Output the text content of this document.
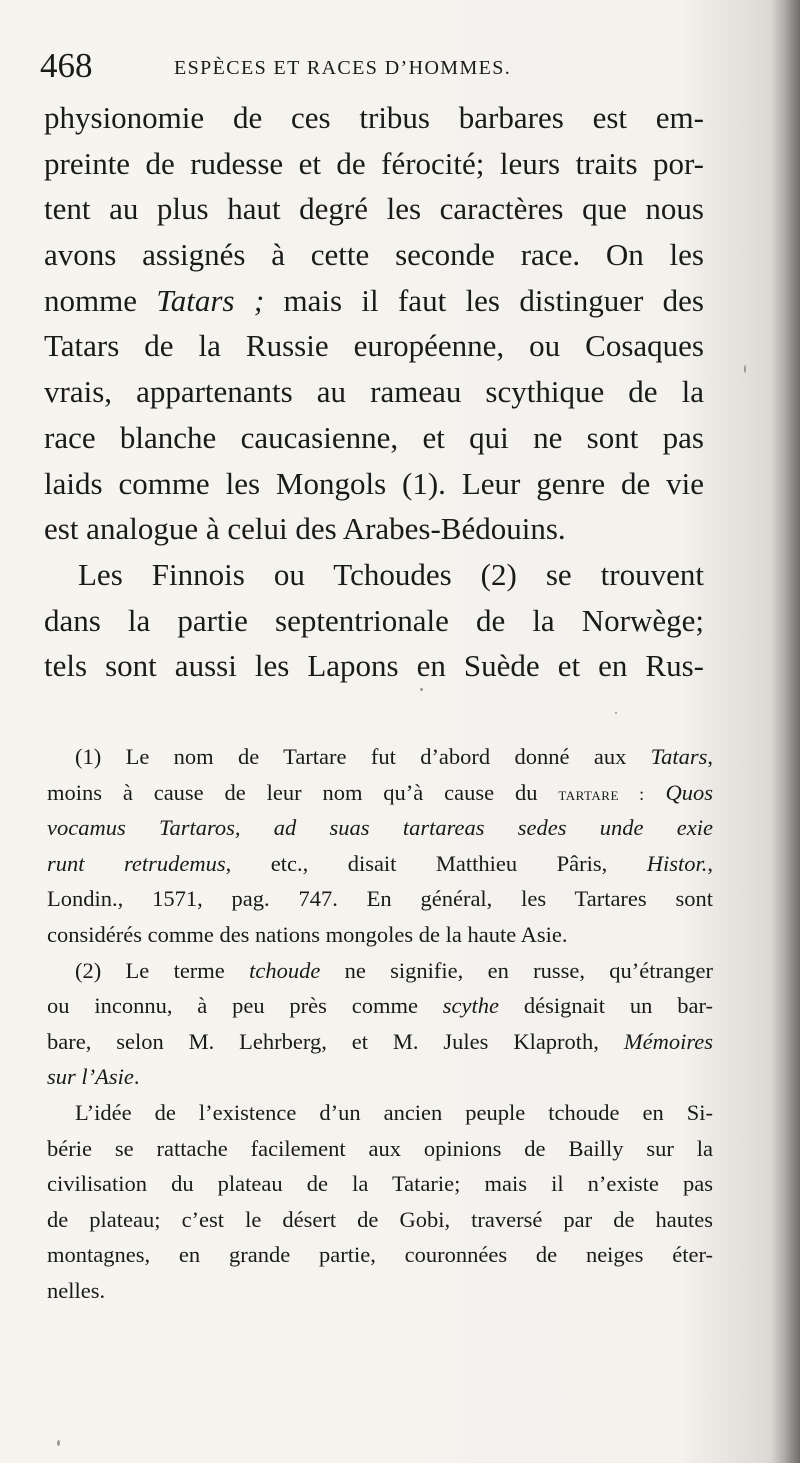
468	ESPÈCES ET RACES D’HOMMES.
physionomie de ces tribus barbares est em-
preinte de rudesse et de férocité; leurs traits por-
tent au plus haut degré les caractères que nous
avons assignés à cette seconde race. On les
nomme Tatars ; mais il faut les distinguer des
Tatars de la Russie européenne, ou Cosaques
vrais, appartenants au rameau scythique de la
race blanche caucasienne, et qui ne sont pas
laids comme les Mongols (1). Leur genre de vie
est analogue à celui des Arabes-Bédouins.
Les Finnois ou Tchoudes (2) se trouvent
dans la partie septentrionale de la Norwège;
tels sont aussi les Lapons en Suède et en Rus-
(1) Le nom de Tartare fut d’abord donné aux Tatars,
moins à cause de leur nom qu’à cause du tartare : Quos
vocamus Tartaros, ad suas tartareas sedes unde exie
runt retrudemus, etc., disait Matthieu Pâris, Histor.,
Londin., 1571, pag. 747. En général, les Tartares sont
considérés comme des nations mongoles de la haute Asie.
(2) Le terme tchoude ne signifie, en russe, qu’étranger
ou inconnu, à peu près comme scythe désignait un bar-
bare, selon M. Lehrberg, et M. Jules Klaproth, Mémoires
sur l’Asie.
L’idée de l’existence d’un ancien peuple tchoude en Si-
bérie se rattache facilement aux opinions de Bailly sur la
civilisation du plateau de la Tatarie; mais il n’existe pas
de plateau; c’est le désert de Gobi, traversé par de hautes
montagnes, en grande partie, couronnées de neiges éter-
nelles.
